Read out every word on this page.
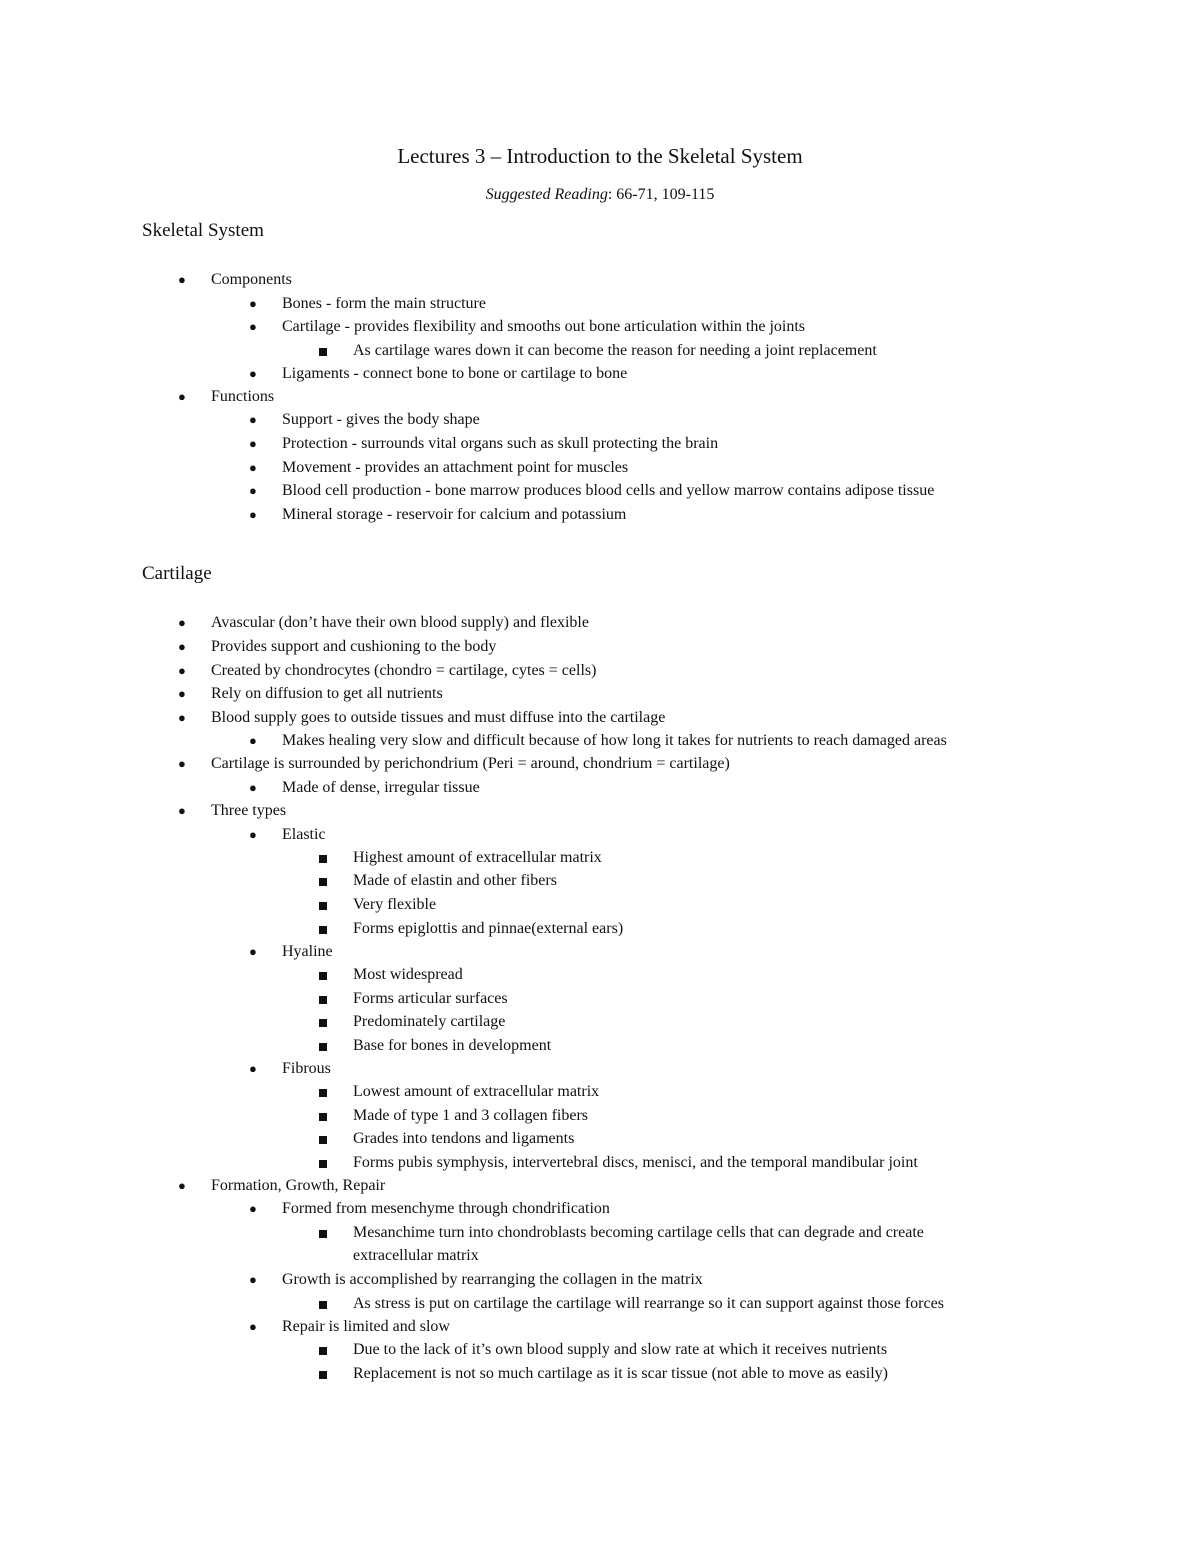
Lectures 3 – Introduction to the Skeletal System
Suggested Reading: 66-71, 109-115
Skeletal System
● Components
● Bones - form the main structure
● Cartilage - provides flexibility and smooths out bone articulation within the joints
As cartilage wares down it can become the reason for needing a joint replacement
● Ligaments - connect bone to bone or cartilage to bone
● Functions
● Support - gives the body shape
● Protection - surrounds vital organs such as skull protecting the brain
● Movement - provides an attachment point for muscles
● Blood cell production - bone marrow produces blood cells and yellow marrow contains adipose tissue
● Mineral storage - reservoir for calcium and potassium
Cartilage
● Avascular (don’t have their own blood supply) and flexible
● Provides support and cushioning to the body
● Created by chondrocytes (chondro = cartilage, cytes = cells)
● Rely on diffusion to get all nutrients
● Blood supply goes to outside tissues and must diffuse into the cartilage
● Makes healing very slow and difficult because of how long it takes for nutrients to reach damaged areas
● Cartilage is surrounded by perichondrium (Peri = around, chondrium = cartilage)
● Made of dense, irregular tissue
● Three types
● Elastic
Highest amount of extracellular matrix
Made of elastin and other fibers
Very flexible
Forms epiglottis and pinnae(external ears)
● Hyaline
Most widespread
Forms articular surfaces
Predominately cartilage
Base for bones in development
● Fibrous
Lowest amount of extracellular matrix
Made of type 1 and 3 collagen fibers
Grades into tendons and ligaments
Forms pubis symphysis, intervertebral discs, menisci, and the temporal mandibular joint
● Formation, Growth, Repair
● Formed from mesenchyme through chondrification
Mesanchime turn into chondroblasts becoming cartilage cells that can degrade and create
extracellular matrix
● Growth is accomplished by rearranging the collagen in the matrix
As stress is put on cartilage the cartilage will rearrange so it can support against those forces
● Repair is limited and slow
Due to the lack of it’s own blood supply and slow rate at which it receives nutrients
Replacement is not so much cartilage as it is scar tissue (not able to move as easily)
